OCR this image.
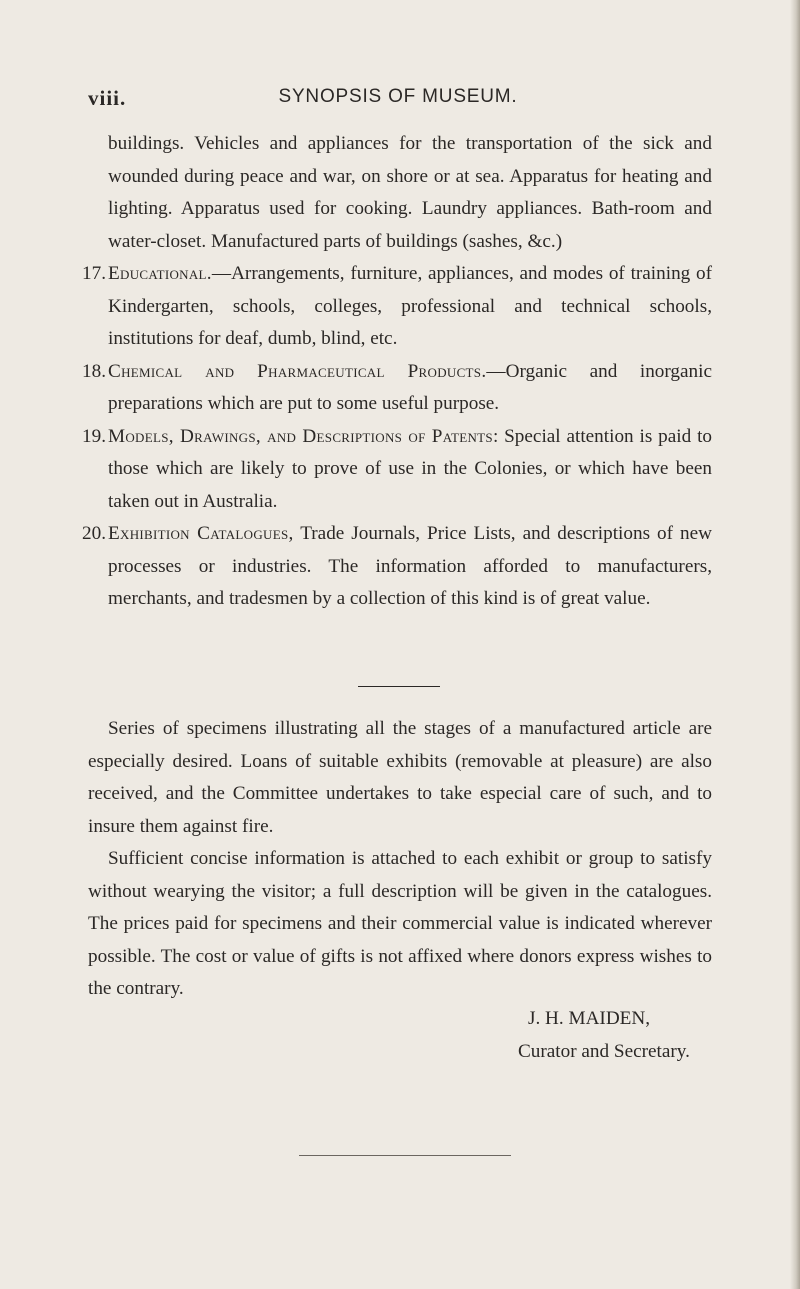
viii.	SYNOPSIS OF MUSEUM.

buildings. Vehicles and appliances for the transportation of the sick and wounded during peace and war, on shore or at sea. Apparatus for heating and lighting. Apparatus used for cooking. Laundry appliances. Bath-room and water-closet. Manufactured parts of buildings (sashes, &c.)

17. Educational.—Arrangements, furniture, appliances, and modes of training of Kindergarten, schools, colleges, professional and technical schools, institutions for deaf, dumb, blind, etc.

18. Chemical and Pharmaceutical Products.—Organic and inorganic preparations which are put to some useful purpose.

19. Models, Drawings, and Descriptions of Patents: Special attention is paid to those which are likely to prove of use in the Colonies, or which have been taken out in Australia.

20. Exhibition Catalogues, Trade Journals, Price Lists, and descriptions of new processes or industries. The information afforded to manufacturers, merchants, and tradesmen by a collection of this kind is of great value.

Series of specimens illustrating all the stages of a manufactured article are especially desired. Loans of suitable exhibits (removable at pleasure) are also received, and the Committee undertakes to take especial care of such, and to insure them against fire.

Sufficient concise information is attached to each exhibit or group to satisfy without wearying the visitor; a full description will be given in the catalogues. The prices paid for specimens and their commercial value is indicated wherever possible. The cost or value of gifts is not affixed where donors express wishes to the contrary.

J. H. MAIDEN,
Curator and Secretary.
